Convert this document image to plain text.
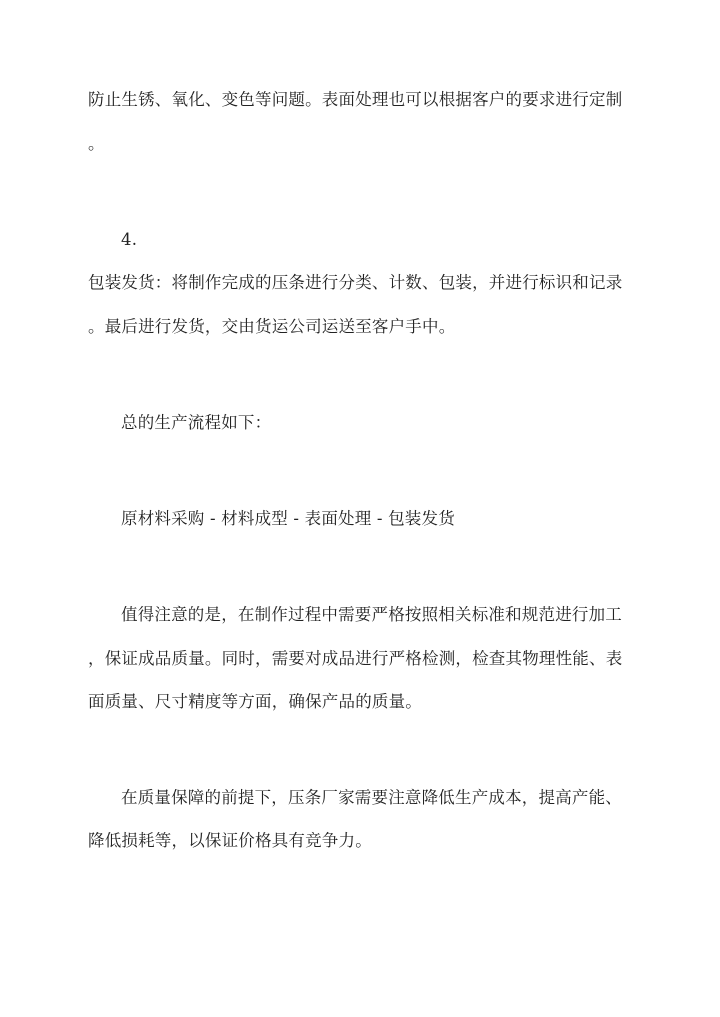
防止生锈、氧化、变色等问题。表面处理也可以根据客户的要求进行定制
。
4.
包装发货：将制作完成的压条进行分类、计数、包装，并进行标识和记录
。最后进行发货，交由货运公司运送至客户手中。
总的生产流程如下：
原材料采购 - 材料成型 - 表面处理 - 包装发货
值得注意的是，在制作过程中需要严格按照相关标准和规范进行加工
，保证成品质量。同时，需要对成品进行严格检测，检查其物理性能、表
面质量、尺寸精度等方面，确保产品的质量。
在质量保障的前提下，压条厂家需要注意降低生产成本，提高产能、
降低损耗等，以保证价格具有竞争力。
